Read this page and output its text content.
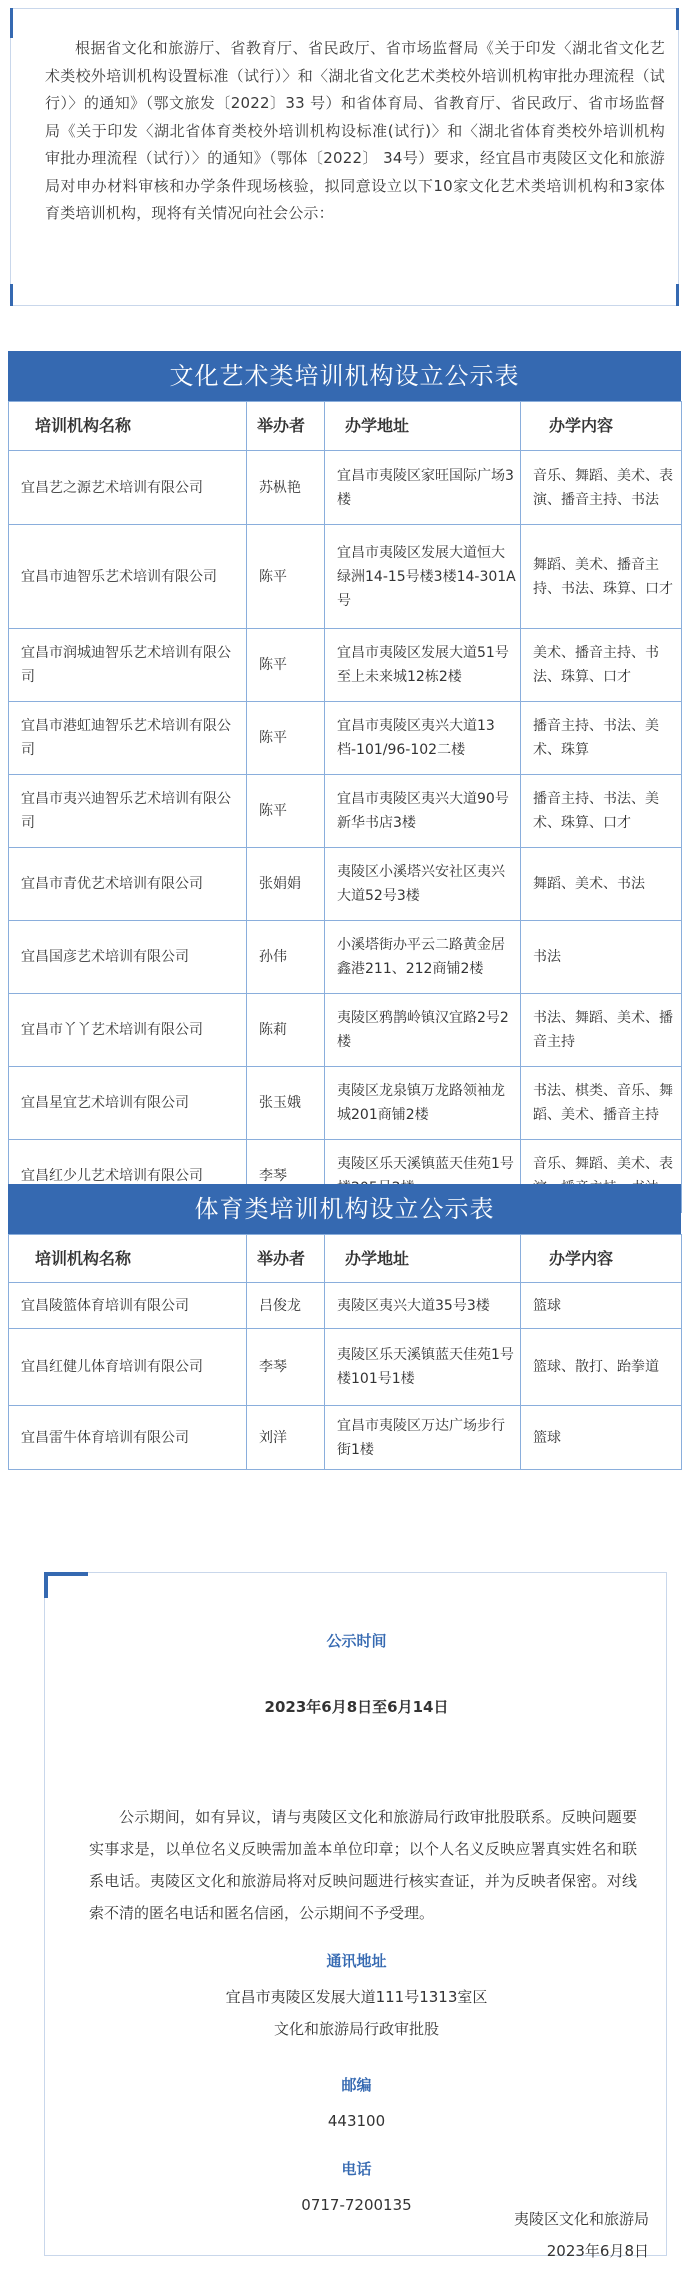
根据省文化和旅游厅、省教育厅、省民政厅、省市场监督局《关于印发〈湖北省文化艺术类校外培训机构设置标准（试行）〉和〈湖北省文化艺术类校外培训机构审批办理流程（试行）〉的通知》（鄂文旅发〔2022〕33 号）和省体育局、省教育厅、省民政厅、省市场监督局《关于印发〈湖北省体育类校外培训机构设标准(试行)〉和〈湖北省体育类校外培训机构审批办理流程（试行）〉的通知》（鄂体〔2022〕 34号）要求，经宜昌市夷陵区文化和旅游局对申办材料审核和办学条件现场核验，拟同意设立以下10家文化艺术类培训机构和3家体育类培训机构，现将有关情况向社会公示：

文化艺术类培训机构设立公示表
培训机构名称	举办者	办学地址	办学内容
宜昌艺之源艺术培训有限公司	苏枞艳	宜昌市夷陵区家旺国际广场3楼	音乐、舞蹈、美术、表演、播音主持、书法
宜昌市迪智乐艺术培训有限公司	陈平	宜昌市夷陵区发展大道恒大绿洲14-15号楼3楼14-301A号	舞蹈、美术、播音主持、书法、珠算、口才
宜昌市润城迪智乐艺术培训有限公司	陈平	宜昌市夷陵区发展大道51号至上未来城12栋2楼	美术、播音主持、书法、珠算、口才
宜昌市港虹迪智乐艺术培训有限公司	陈平	宜昌市夷陵区夷兴大道13档-101/96-102二楼	播音主持、书法、美术、珠算
宜昌市夷兴迪智乐艺术培训有限公司	陈平	宜昌市夷陵区夷兴大道90号新华书店3楼	播音主持、书法、美术、珠算、口才
宜昌市青优艺术培训有限公司	张娟娟	夷陵区小溪塔兴安社区夷兴大道52号3楼	舞蹈、美术、书法
宜昌国彦艺术培训有限公司	孙伟	小溪塔街办平云二路黄金居鑫港211、212商铺2楼	书法
宜昌市丫丫艺术培训有限公司	陈莉	夷陵区鸦鹊岭镇汉宜路2号2楼	书法、舞蹈、美术、播音主持
宜昌星宜艺术培训有限公司	张玉娥	夷陵区龙泉镇万龙路领袖龙城201商铺2楼	书法、棋类、音乐、舞蹈、美术、播音主持
宜昌红少儿艺术培训有限公司	李琴	夷陵区乐天溪镇蓝天佳苑1号	音乐、舞蹈、美术、表
体育类培训机构设立公示表
培训机构名称	举办者	办学地址	办学内容
宜昌陵篮体育培训有限公司	吕俊龙	夷陵区夷兴大道35号3楼	篮球
宜昌红健儿体育培训有限公司	李琴	夷陵区乐天溪镇蓝天佳苑1号楼101号1楼	篮球、散打、跆拳道
宜昌雷牛体育培训有限公司	刘洋	宜昌市夷陵区万达广场步行街1楼	篮球
公示时间
2023年6月8日至6月14日
公示期间，如有异议，请与夷陵区文化和旅游局行政审批股联系。反映问题要实事求是，以单位名义反映需加盖本单位印章；以个人名义反映应署真实姓名和联系电话。夷陵区文化和旅游局将对反映问题进行核实查证，并为反映者保密。对线索不清的匿名电话和匿名信函，公示期间不予受理。
通讯地址
宜昌市夷陵区发展大道111号1313室区
文化和旅游局行政审批股
邮编
443100
电话
0717-7200135
夷陵区文化和旅游局
2023年6月8日
